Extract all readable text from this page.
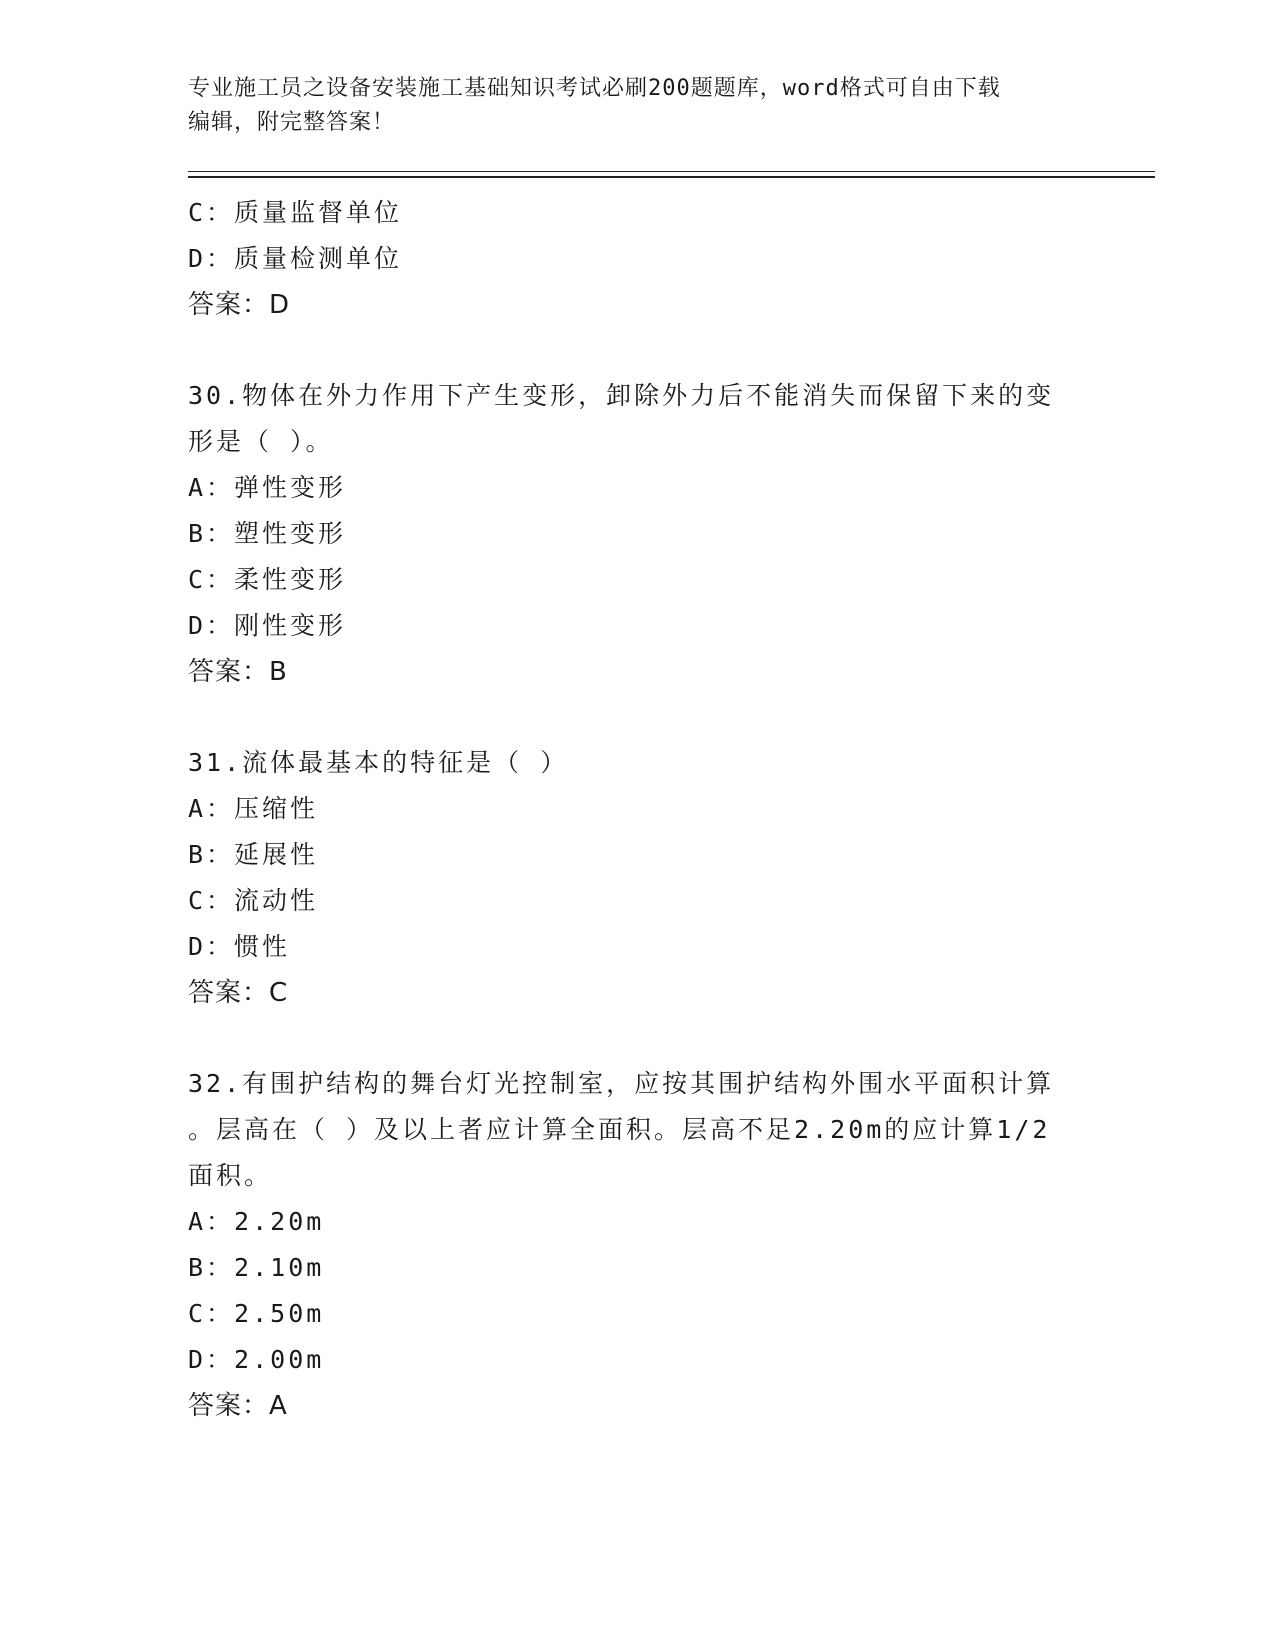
专业施工员之设备安装施工基础知识考试必刷200题题库，word格式可自由下载
编辑，附完整答案！
C：质量监督单位
D：质量检测单位
答案：D
30.物体在外力作用下产生变形，卸除外力后不能消失而保留下来的变
形是（ ）。
A：弹性变形
B：塑性变形
C：柔性变形
D：刚性变形
答案：B
31.流体最基本的特征是（ ）
A：压缩性
B：延展性
C：流动性
D：惯性
答案：C
32.有围护结构的舞台灯光控制室，应按其围护结构外围水平面积计算
。层高在（ ）及以上者应计算全面积。层高不足2.20m的应计算1/2
面积。
A：2.20m
B：2.10m
C：2.50m
D：2.00m
答案：A
